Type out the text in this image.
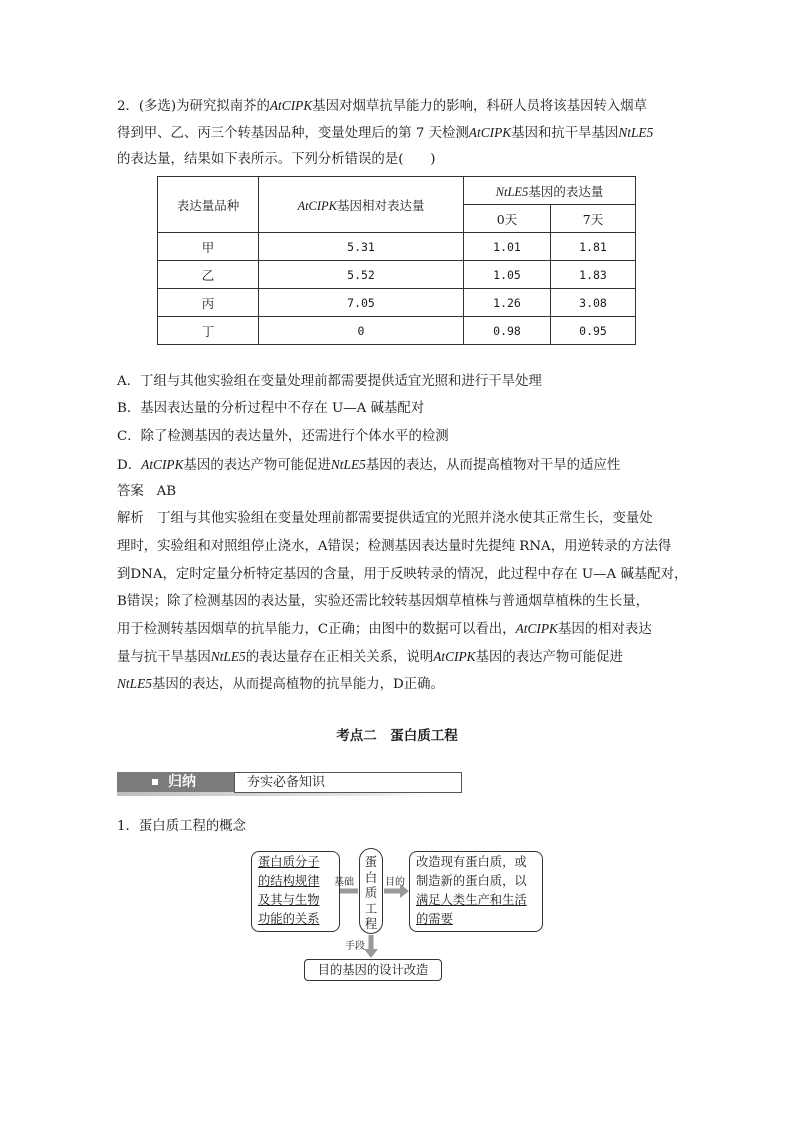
2．(多选)为研究拟南芥的AtCIPK基因对烟草抗旱能力的影响，科研人员将该基因转入烟草
得到甲、乙、丙三个转基因品种，变量处理后的第 7 天检测AtCIPK基因和抗干旱基因NtLE5
的表达量，结果如下表所示。下列分析错误的是(　　)
表达量品种	AtCIPK基因相对表达量	NtLE5基因的表达量	
		0天	7天
甲	5.31	1.01	1.81
乙	5.52	1.05	1.83
丙	7.05	1.26	3.08
丁	0	0.98	0.95
A．丁组与其他实验组在变量处理前都需要提供适宜光照和进行干旱处理
B．基因表达量的分析过程中不存在 U—A 碱基配对
C．除了检测基因的表达量外，还需进行个体水平的检测
D．AtCIPK基因的表达产物可能促进NtLE5基因的表达，从而提高植物对干旱的适应性
答案 AB
解析　丁组与其他实验组在变量处理前都需要提供适宜的光照并浇水使其正常生长，变量处
理时，实验组和对照组停止浇水，A错误；检测基因表达量时先提纯 RNA，用逆转录的方法得
到DNA，定时定量分析特定基因的含量，用于反映转录的情况，此过程中存在 U—A 碱基配对，
B错误；除了检测基因的表达量，实验还需比较转基因烟草植株与普通烟草植株的生长量，
用于检测转基因烟草的抗旱能力，C正确；由图中的数据可以看出，AtCIPK基因的相对表达
量与抗干旱基因NtLE5的表达量存在正相关关系，说明AtCIPK基因的表达产物可能促进
NtLE5基因的表达，从而提高植物的抗旱能力，D正确。
考点二　蛋白质工程
归纳	夯实必备知识
1．蛋白质工程的概念
蛋白质分子
的结构规律
及其与生物
功能的关系
基础	目的
蛋
白
质
工
程
改造现有蛋白质，或
制造新的蛋白质，以
满足人类生产和生活
的需要
手段
目的基因的设计改造
